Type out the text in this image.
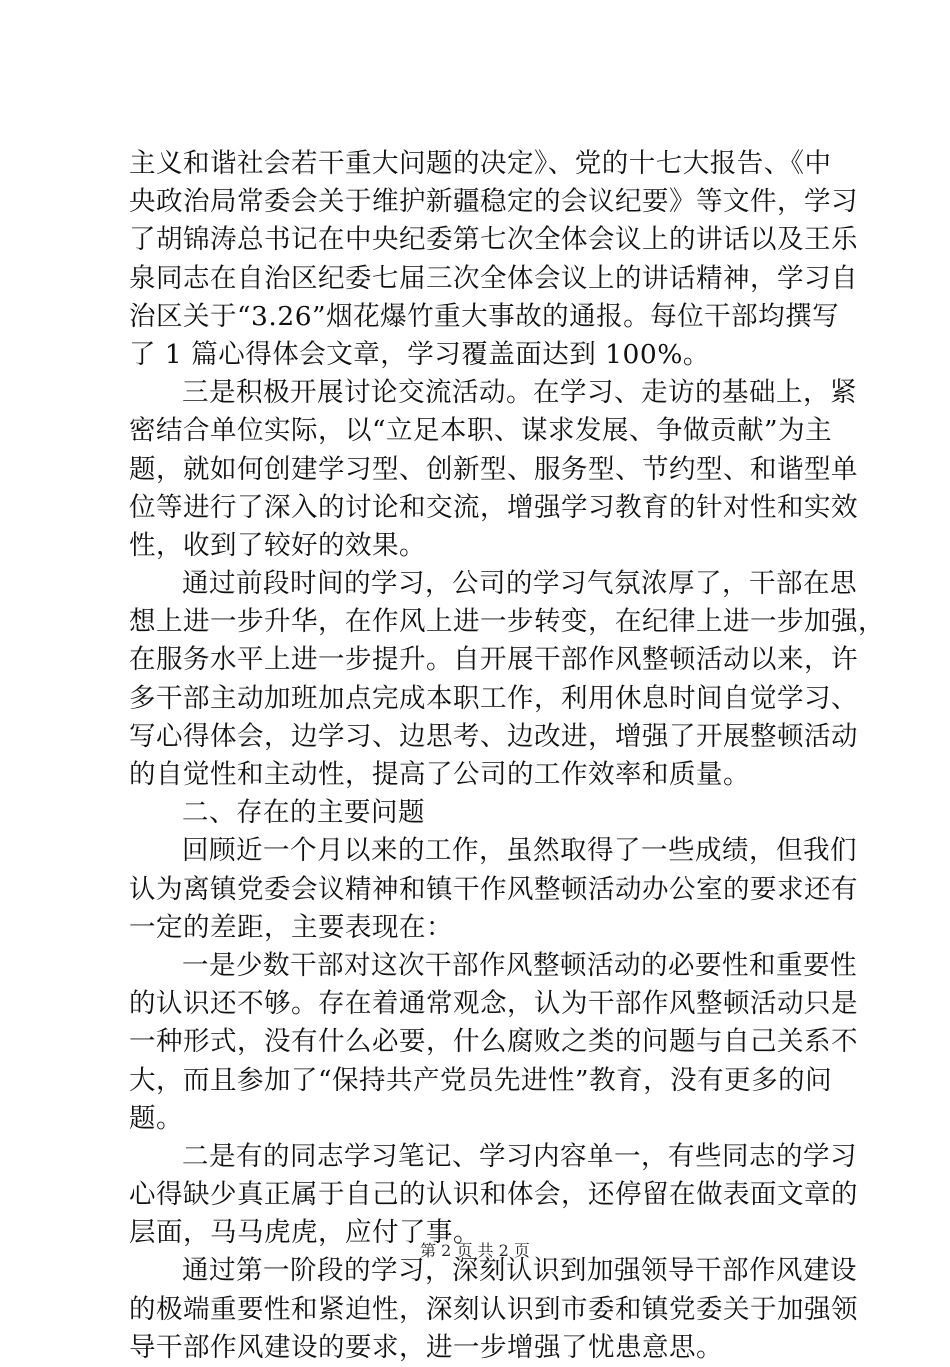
主义和谐社会若干重大问题的决定》、党的十七大报告、《中
央政治局常委会关于维护新疆稳定的会议纪要》等文件，学习
了胡锦涛总书记在中央纪委第七次全体会议上的讲话以及王乐
泉同志在自治区纪委七届三次全体会议上的讲话精神，学习自
治区关于“3.26”烟花爆竹重大事故的通报。每位干部均撰写
了 1 篇心得体会文章，学习覆盖面达到 100%。
三是积极开展讨论交流活动。在学习、走访的基础上，紧
密结合单位实际，以“立足本职、谋求发展、争做贡献”为主
题，就如何创建学习型、创新型、服务型、节约型、和谐型单
位等进行了深入的讨论和交流，增强学习教育的针对性和实效
性，收到了较好的效果。
通过前段时间的学习，公司的学习气氛浓厚了，干部在思
想上进一步升华，在作风上进一步转变，在纪律上进一步加强，
在服务水平上进一步提升。自开展干部作风整顿活动以来，许
多干部主动加班加点完成本职工作，利用休息时间自觉学习、
写心得体会，边学习、边思考、边改进，增强了开展整顿活动
的自觉性和主动性，提高了公司的工作效率和质量。
二、存在的主要问题
回顾近一个月以来的工作，虽然取得了一些成绩，但我们
认为离镇党委会议精神和镇干作风整顿活动办公室的要求还有
一定的差距，主要表现在：
一是少数干部对这次干部作风整顿活动的必要性和重要性
的认识还不够。存在着通常观念，认为干部作风整顿活动只是
一种形式，没有什么必要，什么腐败之类的问题与自己关系不
大，而且参加了“保持共产党员先进性”教育，没有更多的问
题。
二是有的同志学习笔记、学习内容单一，有些同志的学习
心得缺少真正属于自己的认识和体会，还停留在做表面文章的
层面，马马虎虎，应付了事。
通过第一阶段的学习，深刻认识到加强领导干部作风建设
的极端重要性和紧迫性，深刻认识到市委和镇党委关于加强领
导干部作风建设的要求，进一步增强了忧患意思。
第 2 页 共 2 页
